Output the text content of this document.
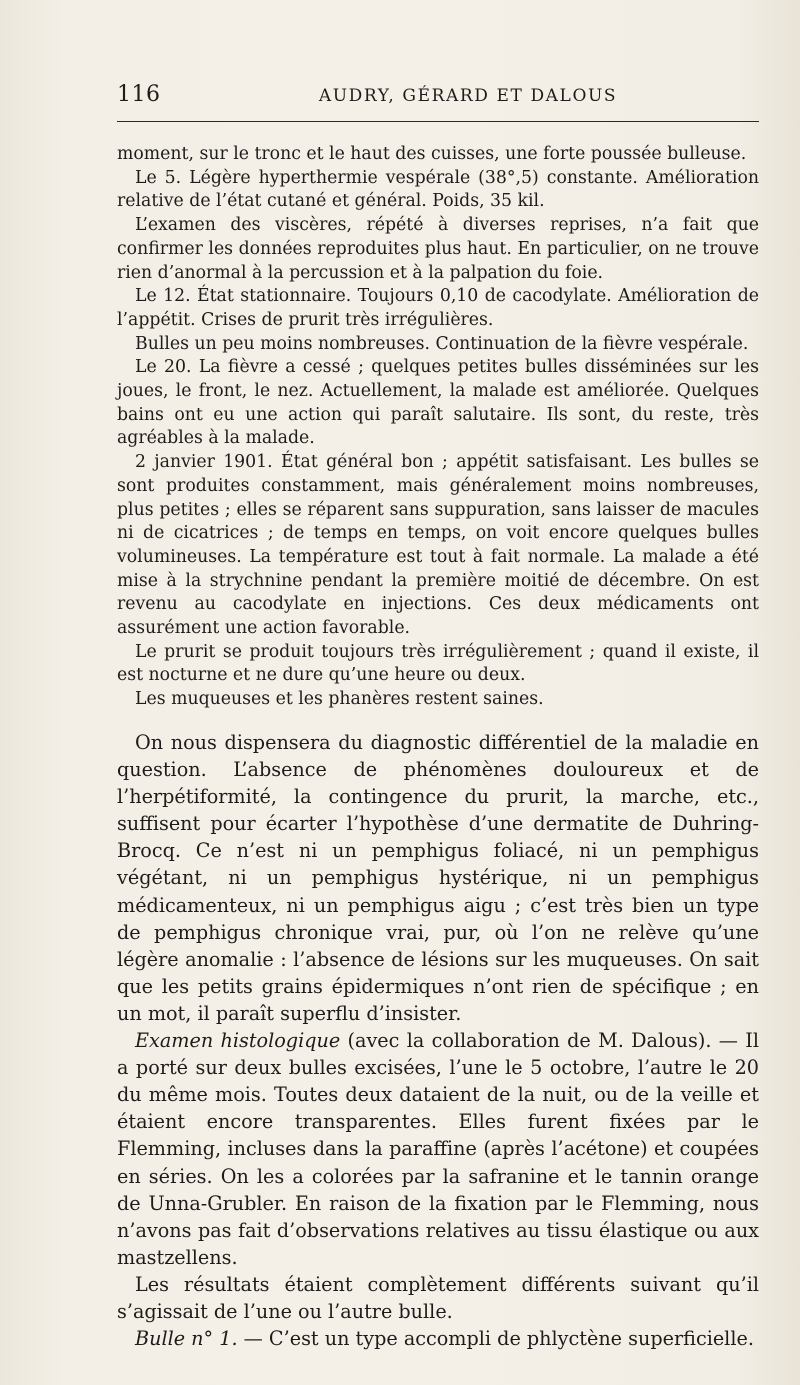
116	AUDRY, GÉRARD ET DALOUS

moment, sur le tronc et le haut des cuisses, une forte poussée bulleuse.

Le 5. Légère hyperthermie vespérale (38°,5) constante. Amélioration relative de l’état cutané et général. Poids, 35 kil.

L’examen des viscères, répété à diverses reprises, n’a fait que confirmer les données reproduites plus haut. En particulier, on ne trouve rien d’anormal à la percussion et à la palpation du foie.

Le 12. État stationnaire. Toujours 0,10 de cacodylate. Amélioration de l’appétit. Crises de prurit très irrégulières.

Bulles un peu moins nombreuses. Continuation de la fièvre vespérale.

Le 20. La fièvre a cessé ; quelques petites bulles disséminées sur les joues, le front, le nez. Actuellement, la malade est améliorée. Quelques bains ont eu une action qui paraît salutaire. Ils sont, du reste, très agréables à la malade.

2 janvier 1901. État général bon ; appétit satisfaisant. Les bulles se sont produites constamment, mais généralement moins nombreuses, plus petites ; elles se réparent sans suppuration, sans laisser de macules ni de cicatrices ; de temps en temps, on voit encore quelques bulles volumineuses. La température est tout à fait normale. La malade a été mise à la strychnine pendant la première moitié de décembre. On est revenu au cacodylate en injections. Ces deux médicaments ont assurément une action favorable.

Le prurit se produit toujours très irrégulièrement ; quand il existe, il est nocturne et ne dure qu’une heure ou deux.

Les muqueuses et les phanères restent saines.

On nous dispensera du diagnostic différentiel de la maladie en question. L’absence de phénomènes douloureux et de l’herpétiformité, la contingence du prurit, la marche, etc., suffisent pour écarter l’hypothèse d’une dermatite de Duhring-Brocq. Ce n’est ni un pemphigus foliacé, ni un pemphigus végétant, ni un pemphigus hystérique, ni un pemphigus médicamenteux, ni un pemphigus aigu ; c’est très bien un type de pemphigus chronique vrai, pur, où l’on ne relève qu’une légère anomalie : l’absence de lésions sur les muqueuses. On sait que les petits grains épidermiques n’ont rien de spécifique ; en un mot, il paraît superflu d’insister.

Examen histologique (avec la collaboration de M. Dalous). — Il a porté sur deux bulles excisées, l’une le 5 octobre, l’autre le 20 du même mois. Toutes deux dataient de la nuit, ou de la veille et étaient encore transparentes. Elles furent fixées par le Flemming, incluses dans la paraffine (après l’acétone) et coupées en séries. On les a colorées par la safranine et le tannin orange de Unna-Grubler. En raison de la fixation par le Flemming, nous n’avons pas fait d’observations relatives au tissu élastique ou aux mastzellens.

Les résultats étaient complètement différents suivant qu’il s’agissait de l’une ou l’autre bulle.

Bulle n° 1. — C’est un type accompli de phlyctène superficielle.
